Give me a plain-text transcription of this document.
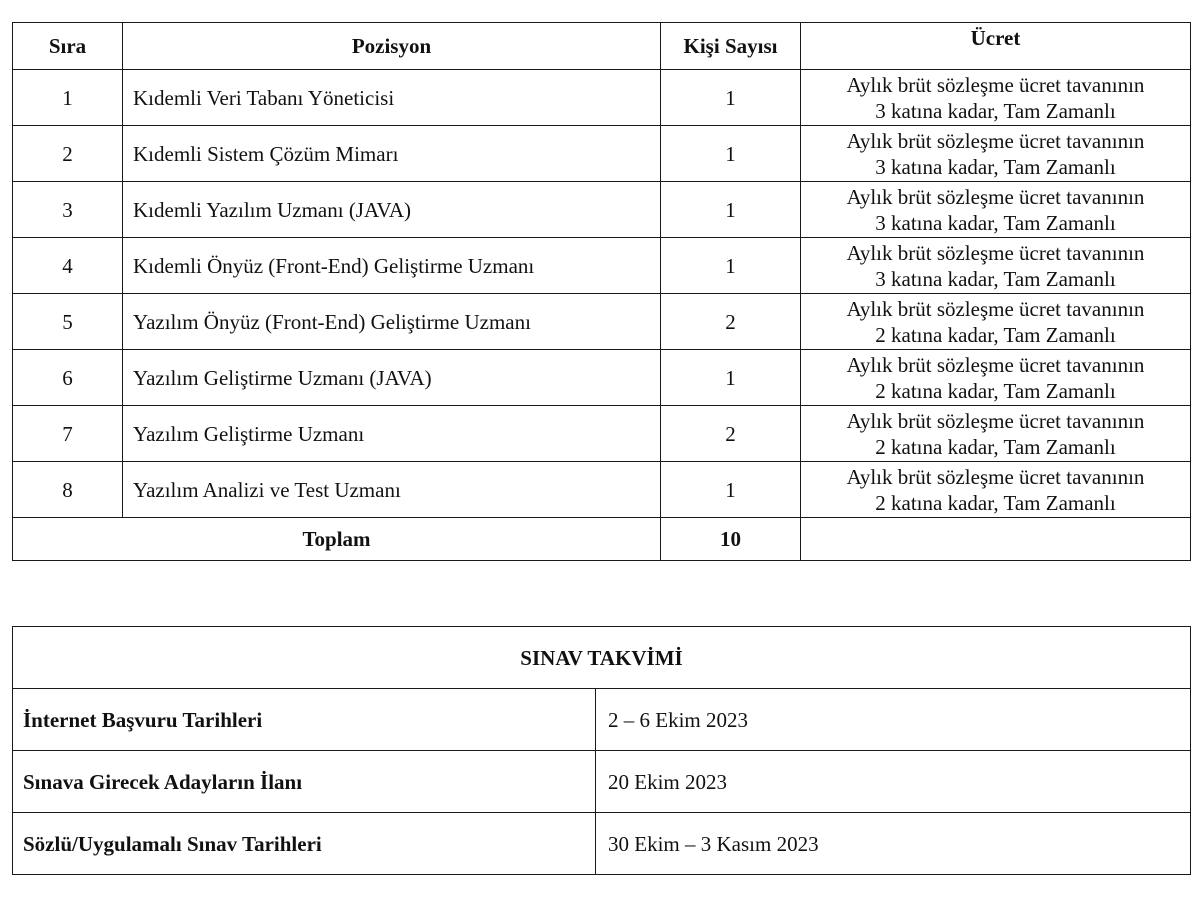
Sıra	Pozisyon	Kişi Sayısı	Ücret
1	Kıdemli Veri Tabanı Yöneticisi	1	Aylık brüt sözleşme ücret tavanının
3 katına kadar, Tam Zamanlı

2	Kıdemli Sistem Çözüm Mimarı	1	Aylık brüt sözleşme ücret tavanının
3 katına kadar, Tam Zamanlı

3	Kıdemli Yazılım Uzmanı (JAVA)	1	Aylık brüt sözleşme ücret tavanının
3 katına kadar, Tam Zamanlı

4	Kıdemli Önyüz (Front-End) Geliştirme Uzmanı	1	Aylık brüt sözleşme ücret tavanının
3 katına kadar, Tam Zamanlı

5	Yazılım Önyüz (Front-End) Geliştirme Uzmanı	2	Aylık brüt sözleşme ücret tavanının
2 katına kadar, Tam Zamanlı

6	Yazılım Geliştirme Uzmanı (JAVA)	1	Aylık brüt sözleşme ücret tavanının
2 katına kadar, Tam Zamanlı

7	Yazılım Geliştirme Uzmanı	2	Aylık brüt sözleşme ücret tavanının
2 katına kadar, Tam Zamanlı

8	Yazılım Analizi ve Test Uzmanı	1	Aylık brüt sözleşme ücret tavanının
2 katına kadar, Tam Zamanlı

Toplam		10	
SINAV TAKVİMİ	
İnternet Başvuru Tarihleri	2 – 6 Ekim 2023
Sınava Girecek Adayların İlanı	20 Ekim 2023
Sözlü/Uygulamalı Sınav Tarihleri	30 Ekim – 3 Kasım 2023
